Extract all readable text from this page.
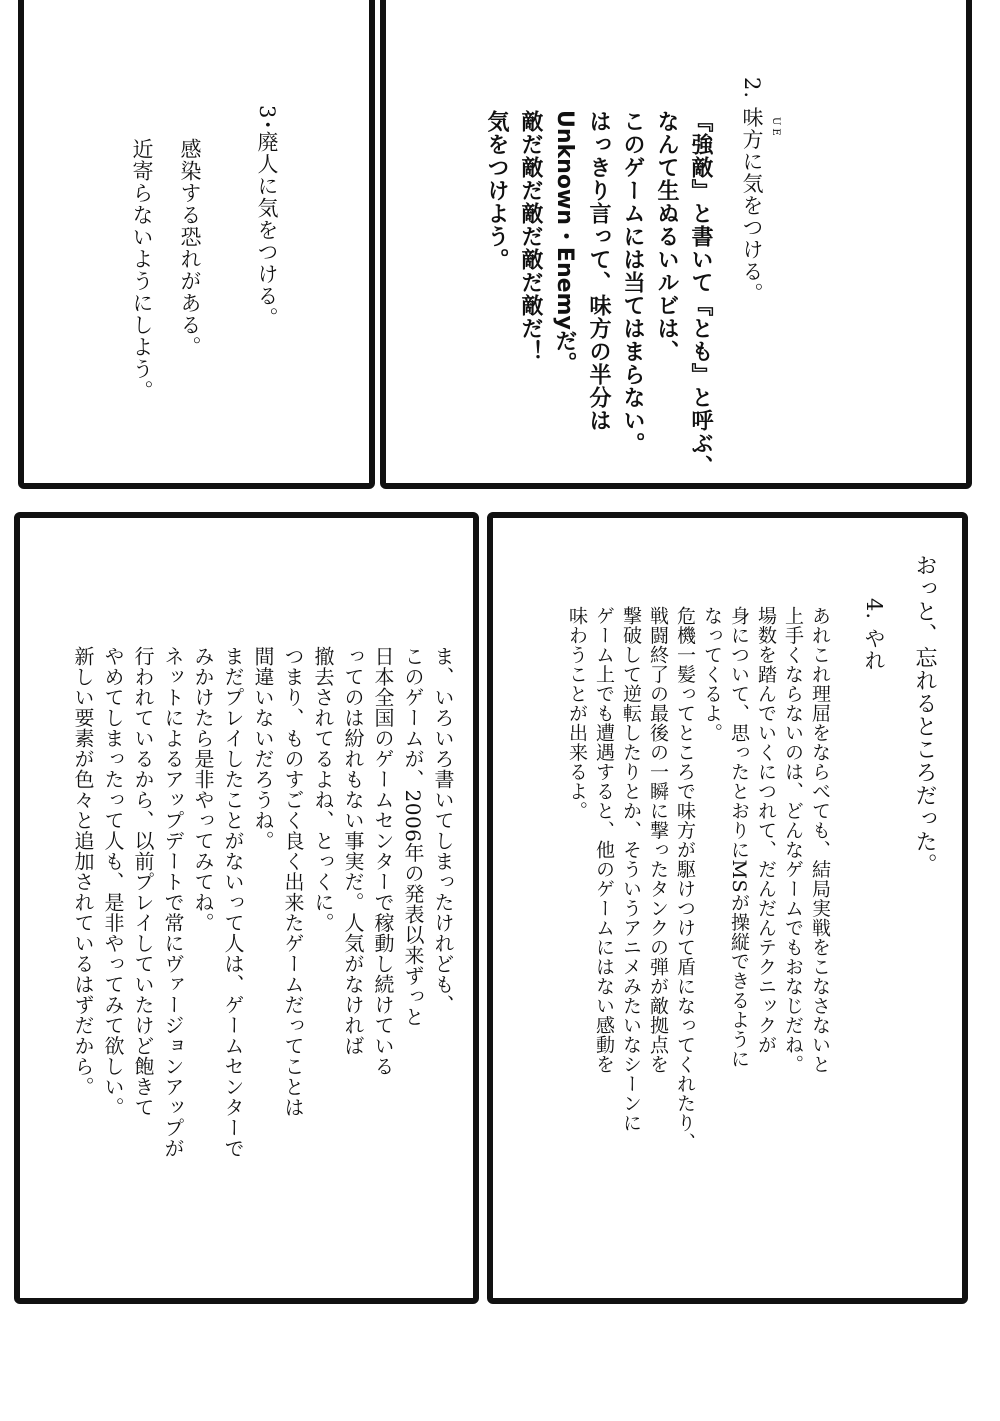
3･廃人に気をつける。
感染する恐れがある。
近寄らないようにしよう。	2. 味方に気をつける。 UE
『強敵』と書いて『とも』と呼ぶ、
なんて生ぬるいルビは、
このゲームには当てはまらない。
はっきり言って、味方の半分は
Unknown・Enemyだ。
敵だ敵だ敵だ敵だ敵だ！
気をつけよう。
おっと、忘れるところだった。
4. やれ
あれこれ理屈をならべても、結局実戦をこなさないと
上手くならないのは、どんなゲームでもおなじだね。
場数を踏んでいくにつれて、だんだんテクニックが
身について、思ったとおりにMSが操縦できるように
なってくるよ。
危機一髪ってところで味方が駆けつけて盾になってくれたり、
戦闘終了の最後の一瞬に撃ったタンクの弾が敵拠点を
撃破して逆転したりとか、そういうアニメみたいなシーンに
ゲーム上でも遭遇すると、他のゲームにはない感動を
味わうことが出来るよ。
ま、いろいろ書いてしまったけれども、
このゲームが、2006年の発表以来ずっと
日本全国のゲームセンターで稼動し続けている
ってのは紛れもない事実だ。人気がなければ
撤去されてるよね、とっくに。
つまり、ものすごく良く出来たゲームだってことは
間違いないだろうね。
まだプレイしたことがないって人は、ゲームセンターで
みかけたら是非やってみてね。
ネットによるアップデートで常にヴァージョンアップが
行われているから、以前プレイしていたけど飽きて
やめてしまったって人も、是非やってみて欲しい。
新しい要素が色々と追加されているはずだから。
